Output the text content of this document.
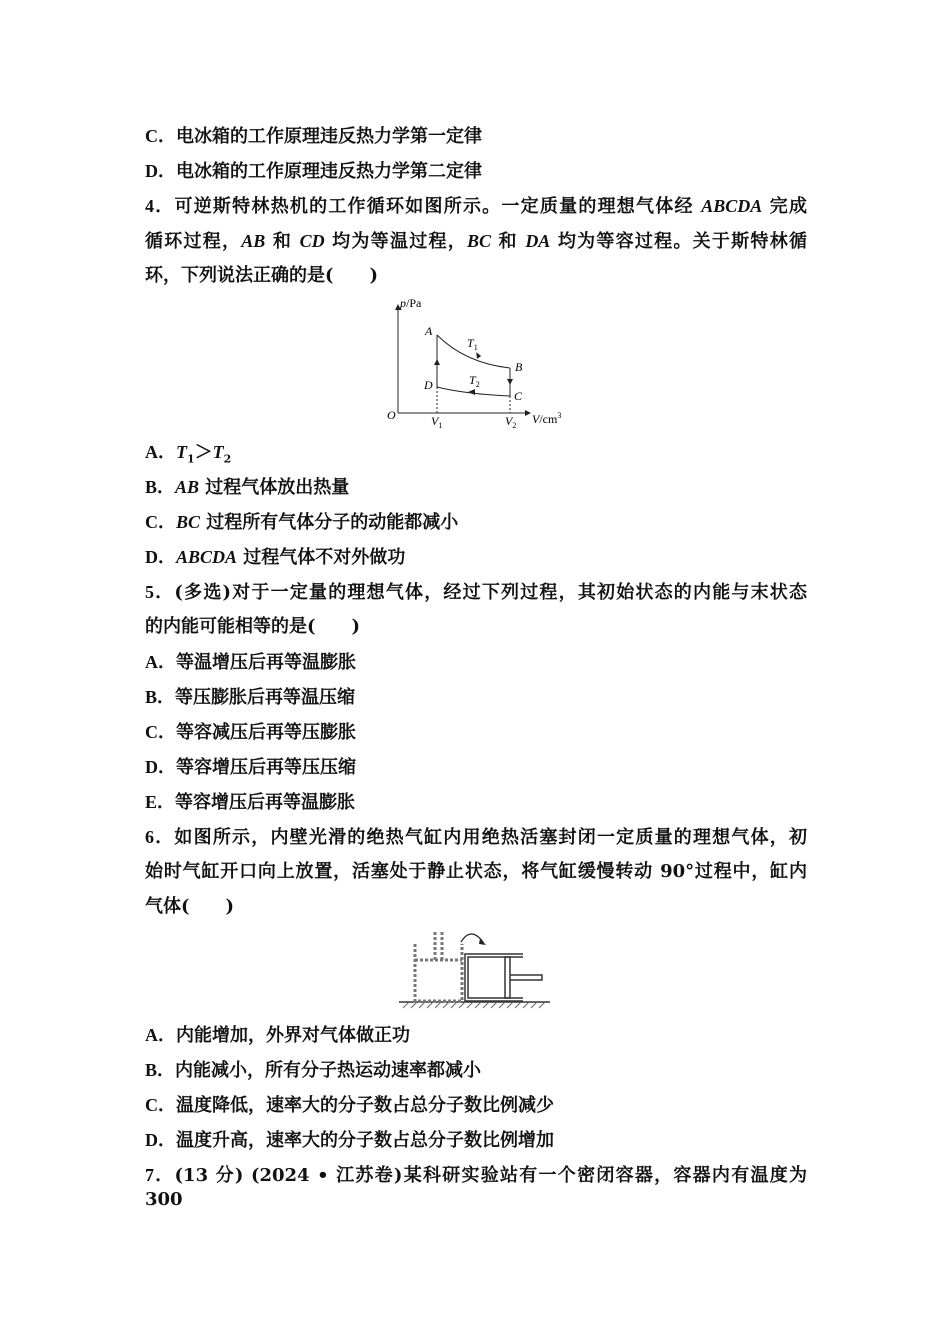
C．电冰箱的工作原理违反热力学第一定律
D．电冰箱的工作原理违反热力学第二定律
4．可逆斯特林热机的工作循环如图所示。一定质量的理想气体经 ABCDA 完成
循环过程，AB 和 CD 均为等温过程，BC 和 DA 均为等容过程。关于斯特林循
环，下列说法正确的是(　　)
p/Pa
$V/cm^3$
O
A
B
C
D
$T_1$
$T_2$
$V_1$	$V_2$
A．$T_1>T_2$
B．AB 过程气体放出热量
C．BC 过程所有气体分子的动能都减小
D．ABCDA 过程气体不对外做功
5．(多选)对于一定量的理想气体，经过下列过程，其初始状态的内能与末状态
的内能可能相等的是(　　)
A．等温增压后再等温膨胀
B．等压膨胀后再等温压缩
C．等容减压后再等压膨胀
D．等容增压后再等压压缩
E．等容增压后再等温膨胀
6．如图所示，内壁光滑的绝热气缸内用绝热活塞封闭一定质量的理想气体，初
始时气缸开口向上放置，活塞处于静止状态，将气缸缓慢转动 90°过程中，缸内
气体(　　)
A．内能增加，外界对气体做正功
B．内能减小，所有分子热运动速率都减小
C．温度降低，速率大的分子数占总分子数比例减少
D．温度升高，速率大的分子数占总分子数比例增加
7．(13 分) (2024 • 江苏卷)某科研实验站有一个密闭容器，容器内有温度为 300
